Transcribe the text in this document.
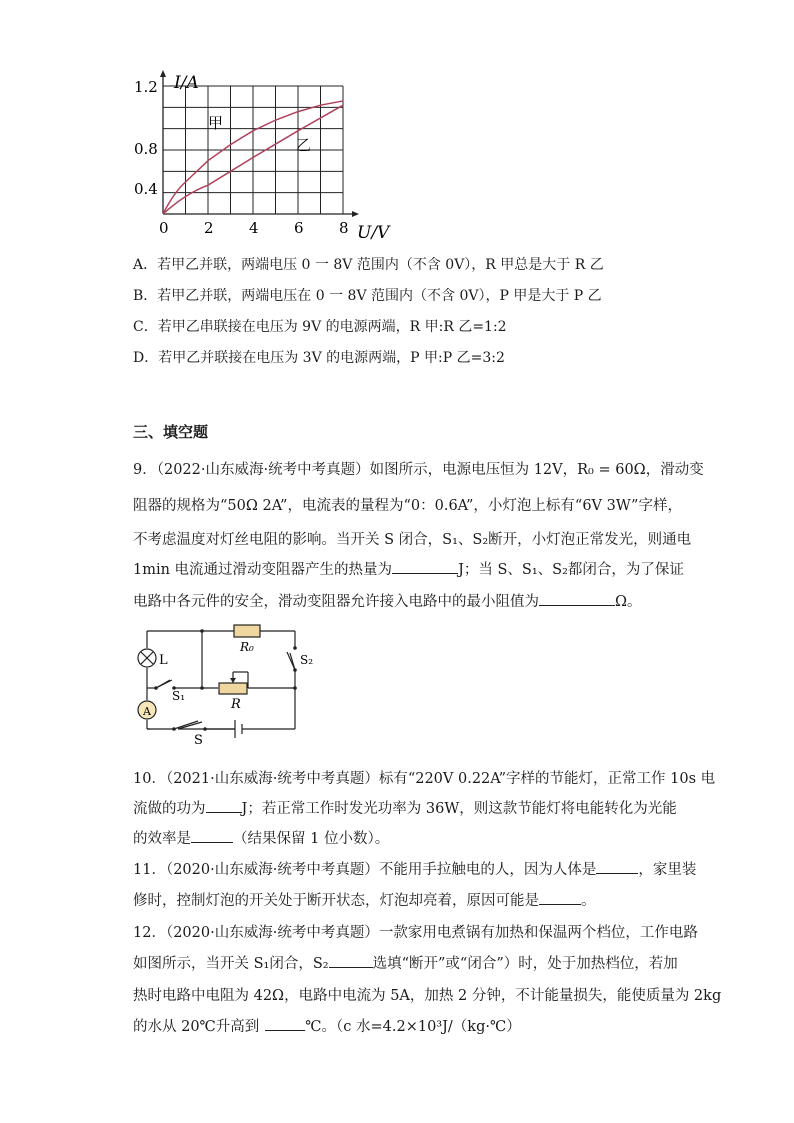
I/A
U/V
1.2
0.8
0.4
0 2 4 6 8
甲
乙
A．若甲乙并联，两端电压 0 一 8V 范围内（不含 0V），R 甲总是大于 R 乙
B．若甲乙并联，两端电压在 0 一 8V 范围内（不含 0V），P 甲是大于 P 乙
C．若甲乙串联接在电压为 9V 的电源两端，R 甲:R 乙=1:2
D．若甲乙并联接在电压为 3V 的电源两端，P 甲:P 乙=3:2
三、填空题
9．（2022·山东威海·统考中考真题）如图所示，电源电压恒为 12V，R₀ = 60Ω，滑动变
阻器的规格为“50Ω 2A”，电流表的量程为“0：0.6A”，小灯泡上标有“6V 3W”字样，
不考虑温度对灯丝电阻的影响。当开关 S 闭合，S₁、S₂断开，小灯泡正常发光，则通电
1min 电流通过滑动变阻器产生的热量为	J；当 S、S₁、S₂都闭合，为了保证
电路中各元件的安全，滑动变阻器允许接入电路中的最小阻值为	Ω。
L
R₀
S₂
S₁
R
A
S
10．（2021·山东威海·统考中考真题）标有“220V 0.22A”字样的节能灯，正常工作 10s 电
流做的功为 J；若正常工作时发光功率为 36W，则这款节能灯将电能转化为光能
的效率是	（结果保留 1 位小数）。
11．（2020·山东威海·统考中考真题）不能用手拉触电的人，因为人体是	，家里装
修时，控制灯泡的开关处于断开状态，灯泡却亮着，原因可能是	。
12．（2020·山东威海·统考中考真题）一款家用电煮锅有加热和保温两个档位，工作电路
如图所示，当开关 S₁闭合，S₂	选填“断开”或“闭合”）时，处于加热档位，若加
热时电路中电阻为 42Ω，电路中电流为 5A，加热 2 分钟，不计能量损失，能使质量为 2kg
的水从 20℃升高到	℃。（c 水=4.2×10³J/（kg·℃）
